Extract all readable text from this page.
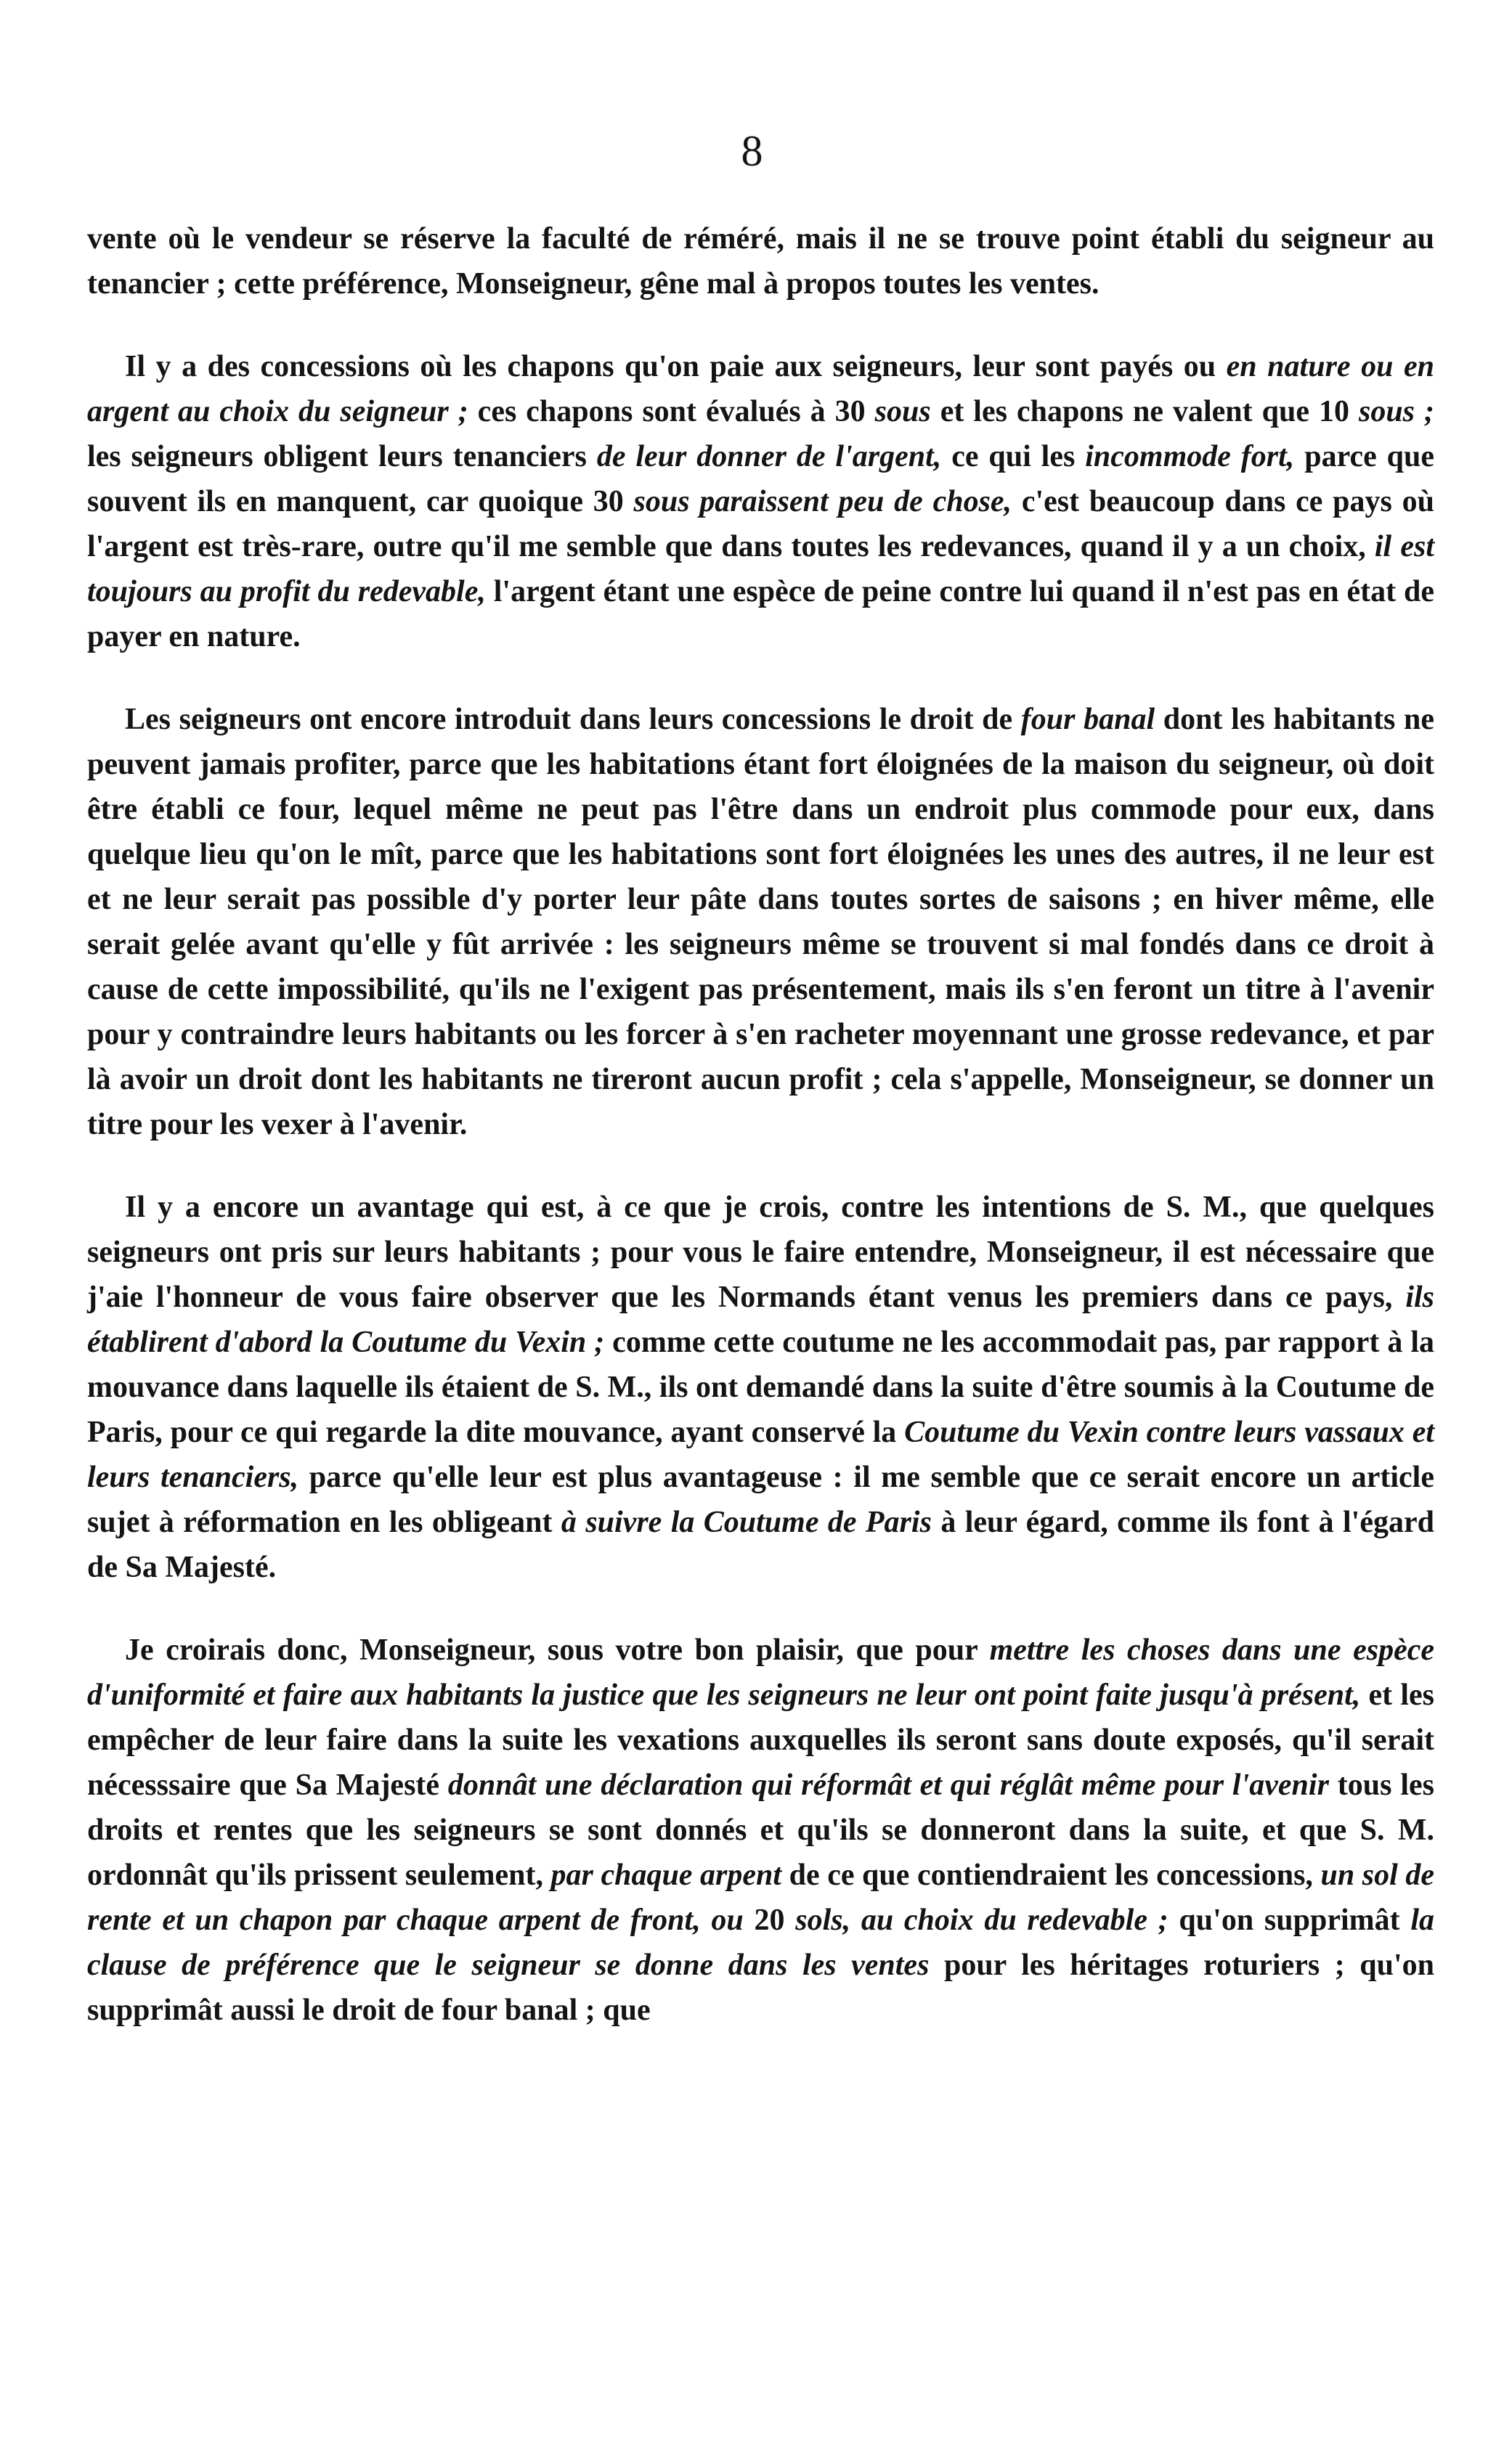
8

vente où le vendeur se réserve la faculté de réméré, mais il ne se trouve point établi du seigneur au tenancier ; cette préférence, Monseigneur, gêne mal à propos toutes les ventes.

Il y a des concessions où les chapons qu'on paie aux seigneurs, leur sont payés ou en nature ou en argent au choix du seigneur ; ces chapons sont évalués à 30 sous et les chapons ne valent que 10 sous ; les seigneurs obligent leurs tenanciers de leur donner de l'argent, ce qui les incommode fort, parce que souvent ils en manquent, car quoique 30 sous paraissent peu de chose, c'est beaucoup dans ce pays où l'argent est très-rare, outre qu'il me semble que dans toutes les redevances, quand il y a un choix, il est toujours au profit du redevable, l'argent étant une espèce de peine contre lui quand il n'est pas en état de payer en nature.

Les seigneurs ont encore introduit dans leurs concessions le droit de four banal dont les habitants ne peuvent jamais profiter, parce que les habitations étant fort éloignées de la maison du seigneur, où doit être établi ce four, lequel même ne peut pas l'être dans un endroit plus commode pour eux, dans quelque lieu qu'on le mît, parce que les habitations sont fort éloignées les unes des autres, il ne leur est et ne leur serait pas possible d'y porter leur pâte dans toutes sortes de saisons ; en hiver même, elle serait gelée avant qu'elle y fût arrivée : les seigneurs même se trouvent si mal fondés dans ce droit à cause de cette impossibilité, qu'ils ne l'exigent pas présentement, mais ils s'en feront un titre à l'avenir pour y contraindre leurs habitants ou les forcer à s'en racheter moyennant une grosse redevance, et par là avoir un droit dont les habitants ne tireront aucun profit ; cela s'appelle, Monseigneur, se donner un titre pour les vexer à l'avenir.

Il y a encore un avantage qui est, à ce que je crois, contre les intentions de S. M., que quelques seigneurs ont pris sur leurs habitants ; pour vous le faire entendre, Monseigneur, il est nécessaire que j'aie l'honneur de vous faire observer que les Normands étant venus les premiers dans ce pays, ils établirent d'abord la Coutume du Vexin ; comme cette coutume ne les accommodait pas, par rapport à la mouvance dans laquelle ils étaient de S. M., ils ont demandé dans la suite d'être soumis à la Coutume de Paris, pour ce qui regarde la dite mouvance, ayant conservé la Coutume du Vexin contre leurs vassaux et leurs tenanciers, parce qu'elle leur est plus avantageuse : il me semble que ce serait encore un article sujet à réformation en les obligeant à suivre la Coutume de Paris à leur égard, comme ils font à l'égard de Sa Majesté.

Je croirais donc, Monseigneur, sous votre bon plaisir, que pour mettre les choses dans une espèce d'uniformité et faire aux habitants la justice que les seigneurs ne leur ont point faite jusqu'à présent, et les empêcher de leur faire dans la suite les vexations auxquelles ils seront sans doute exposés, qu'il serait nécesssaire que Sa Majesté donnât une déclaration qui réformât et qui réglât même pour l'avenir tous les droits et rentes que les seigneurs se sont donnés et qu'ils se donneront dans la suite, et que S. M. ordonnât qu'ils prissent seulement, par chaque arpent de ce que contiendraient les concessions, un sol de rente et un chapon par chaque arpent de front, ou 20 sols, au choix du redevable ; qu'on supprimât la clause de préférence que le seigneur se donne dans les ventes pour les héritages roturiers ; qu'on supprimât aussi le droit de four banal ; que
